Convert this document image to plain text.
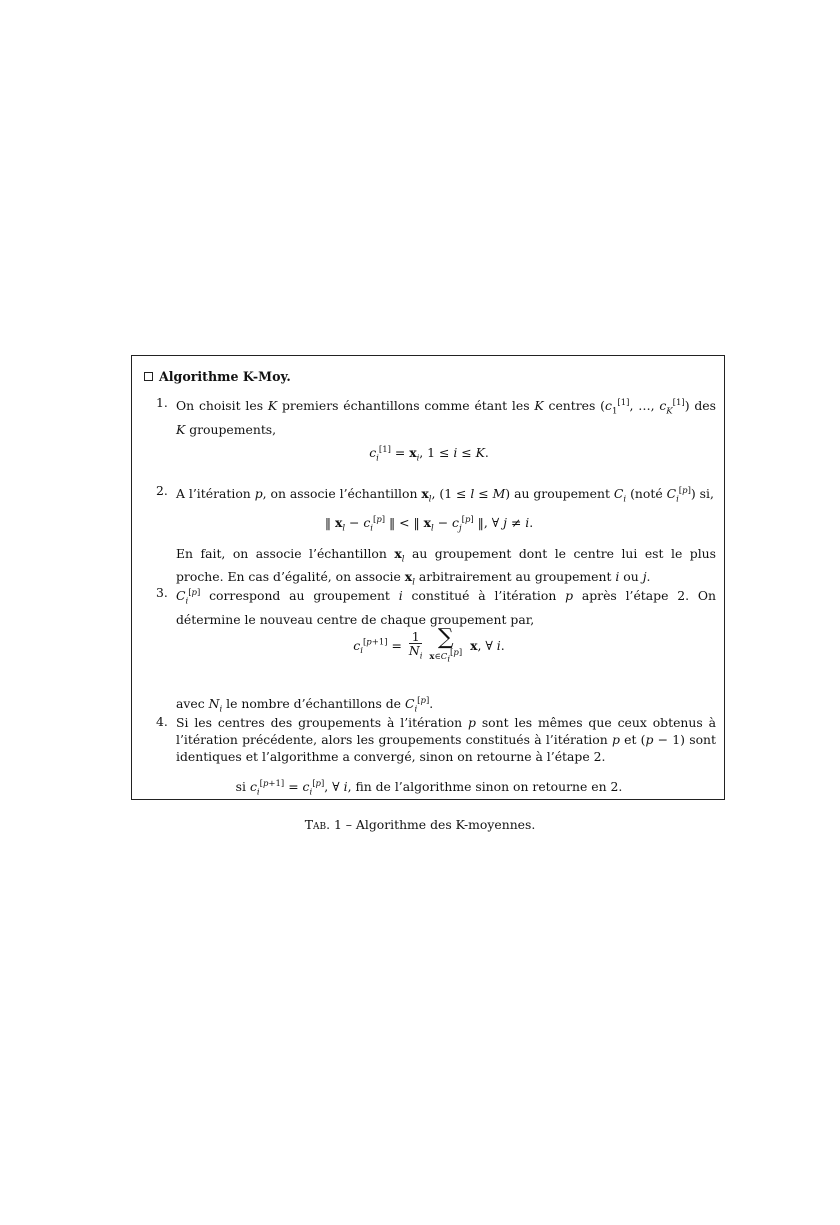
Algorithme K-Moy.
1. On choisit les K premiers échantillons comme étant les K centres ($c_1[1]$, …, $c_K[1]$) des K groupements,
$c_i[1] = x_i$, 1 ≤ i ≤ K.
2. A l’itération p, on associe l’échantillon $x_l$, (1 ≤ l ≤ M) au groupement $C_i$ (noté $C_i[p]$) si,
‖ $x_l - c_i[p]$ ‖ < ‖ $x_l - c_j[p]$ ‖, ∀ j ≠ i.
En fait, on associe l’échantillon $x_l$ au groupement dont le centre lui est le plus proche. En cas d’égalité, on associe $x_l$ arbitrairement au groupement i ou j.
3. $C_i[p]$ correspond au groupement i constitué à l’itération p après l’étape 2. On détermine le nouveau centre de chaque groupement par,
$c_i[p+1] = \frac{1}{N_i}$ ∑
$x\in C_i[p]$
x, ∀ i.
avec $N_i$ le nombre d’échantillons de $C_i[p]$.
4. Si les centres des groupements à l’itération p sont les mêmes que ceux obtenus à l’itération précédente, alors les groupements constitués à l’itération p et (p − 1) sont identiques et l’algorithme a convergé, sinon on retourne à l’étape 2.
si $c_i[p+1] = c_i[p]$, ∀ i, fin de l’algorithme sinon on retourne en 2.
Tab. 1 – Algorithme des K-moyennes.
